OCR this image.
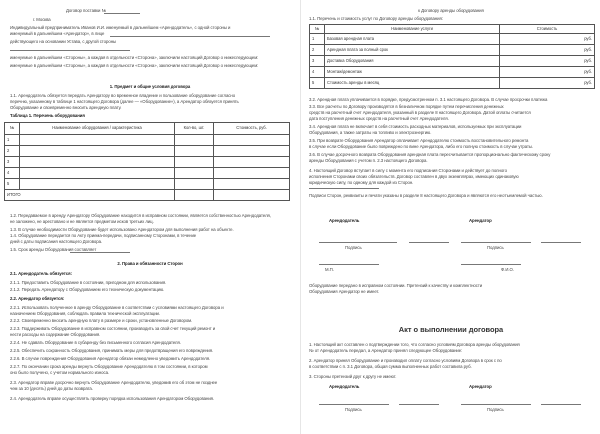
Договор поставки №
г. Москва
Индивидуальный предприниматель Иванов И.И. именуемый в дальнейшем «Арендодатель», с одной стороны и
именуемый в дальнейшем «Арендатор», в лице
действующего на основании Устава, с другой стороны
именуемые в дальнейшем «Стороны», а каждая в отдельности «Сторона», заключили настоящий Договор о нижеследующем:
именуемые в дальнейшем «Стороны», а каждая в отдельности «Сторона», заключили настоящий Договор о нижеследующем:
1. Предмет и общие условия договора
1.1. Арендодатель обязуется передать Арендатору во временное владение и пользование оборудование согласно
перечню, указанному в таблице 1 настоящего Договора (далее — «Оборудование»), а Арендатор обязуется принять
Оборудование и своевременно вносить арендную плату.
Таблица 1. Перечень оборудования
№	Наименование оборудования / характеристика	Кол-во, шт.	Стоимость, руб.
1			
2			
3			
4			
5			
ИТОГО			
1.2. Передаваемое в аренду Арендатору Оборудование находится в исправном состоянии, является собственностью Арендодателя,
не заложено, не арестовано и не является предметом исков третьих лиц.
1.3. В случае необходимости Оборудование будет использовано Арендатором для выполнения работ на объекте.
1.4. Оборудование передается по Акту приема-передачи, подписанному Сторонами, в течение
дней с даты подписания настоящего Договора.
1.5. Срок аренды Оборудования составляет
2. Права и обязанности Сторон
2.1. Арендодатель обязуется:
2.1.1. Предоставить Оборудование в состоянии, пригодном для использования.
2.1.2. Передать Арендатору с Оборудованием его техническую документацию.
2.2. Арендатор обязуется:
2.2.1. Использовать полученное в аренду Оборудование в соответствии с условиями настоящего Договора и
назначением Оборудования, соблюдать правила технической эксплуатации.
2.2.2. Своевременно вносить арендную плату в размере и сроки, установленные Договором.
2.2.3. Поддерживать Оборудование в исправном состоянии, производить за свой счет текущий ремонт и
нести расходы на содержание Оборудования.
2.2.4. Не сдавать Оборудование в субаренду без письменного согласия Арендодателя.
2.2.5. Обеспечить сохранность Оборудования, принимать меры для предотвращения его повреждения.
2.2.6. В случае повреждения Оборудования Арендатор обязан немедленно уведомить Арендодателя.
2.2.7. По окончании срока аренды вернуть Оборудование Арендодателю в том состоянии, в котором
оно было получено, с учетом нормального износа.
2.3. Арендатор вправе досрочно вернуть Оборудование Арендодателю, уведомив его об этом не позднее
чем за 10 (десять) дней до даты возврата.
2.4. Арендодатель вправе осуществлять проверку порядка использования Арендатором Оборудования.
к Договору аренды оборудования
1.1. Перечень и стоимость услуг по Договору аренды оборудования:
№	Наименование услуги	Стоимость
1	Базовая арендная плата	руб.
2	Арендная плата за полный срок	руб.
3	Доставка Оборудования	руб.
4	Монтаж/демонтаж	руб.
5	Стоимость аренды в месяц	руб.
3.2. Арендная плата уплачивается в порядке, предусмотренном п. 3.1 настоящего Договора. В случае просрочки платежа
3.3. Все расчеты по Договору производятся в безналичном порядке путем перечисления денежных
средств на расчетный счет Арендодателя, указанный в разделе 8 настоящего Договора. Датой оплаты считается
дата поступления денежных средств на расчетный счет Арендодателя.
3.4. Арендная плата не включает в себя стоимость расходных материалов, используемых при эксплуатации
Оборудования, а также затраты на топливо и электроэнергию.
3.5. При возврате Оборудования Арендатор оплачивает Арендодателю стоимость восстановительного ремонта
в случае если Оборудование было повреждено по вине Арендатора, либо его полную стоимость в случае утраты.
3.6. В случае досрочного возврата Оборудования арендная плата пересчитывается пропорционально фактическому сроку
аренды Оборудования с учетом п. 2.3 настоящего Договора.
4. Настоящий Договор вступает в силу с момента его подписания Сторонами и действует до полного
исполнения Сторонами своих обязательств. Договор составлен в двух экземплярах, имеющих одинаковую
юридическую силу, по одному для каждой из Сторон.
Подписи Сторон, реквизиты и печати указаны в разделе 8 настоящего Договора и являются его неотъемлемой частью.
Арендодатель	Арендатор
Подпись	Подпись
М.П.	Ф.И.О.
Оборудование передано в исправном состоянии. Претензий к качеству и комплектности
Оборудования Арендатор не имеет.
Акт о выполнении договора
1. Настоящий акт составлен о подтверждении того, что согласно условиям Договора аренды оборудования
№ от Арендодатель передал, а Арендатор принял следующее Оборудование:
2. Арендатор принял Оборудование и производил оплату согласно условиям Договора в срок с по
в соответствии с п. 3.1 Договора, общая сумма выполненных работ составила руб.
3. Стороны претензий друг к другу не имеют.
Арендодатель	Арендатор
Подпись	Подпись
